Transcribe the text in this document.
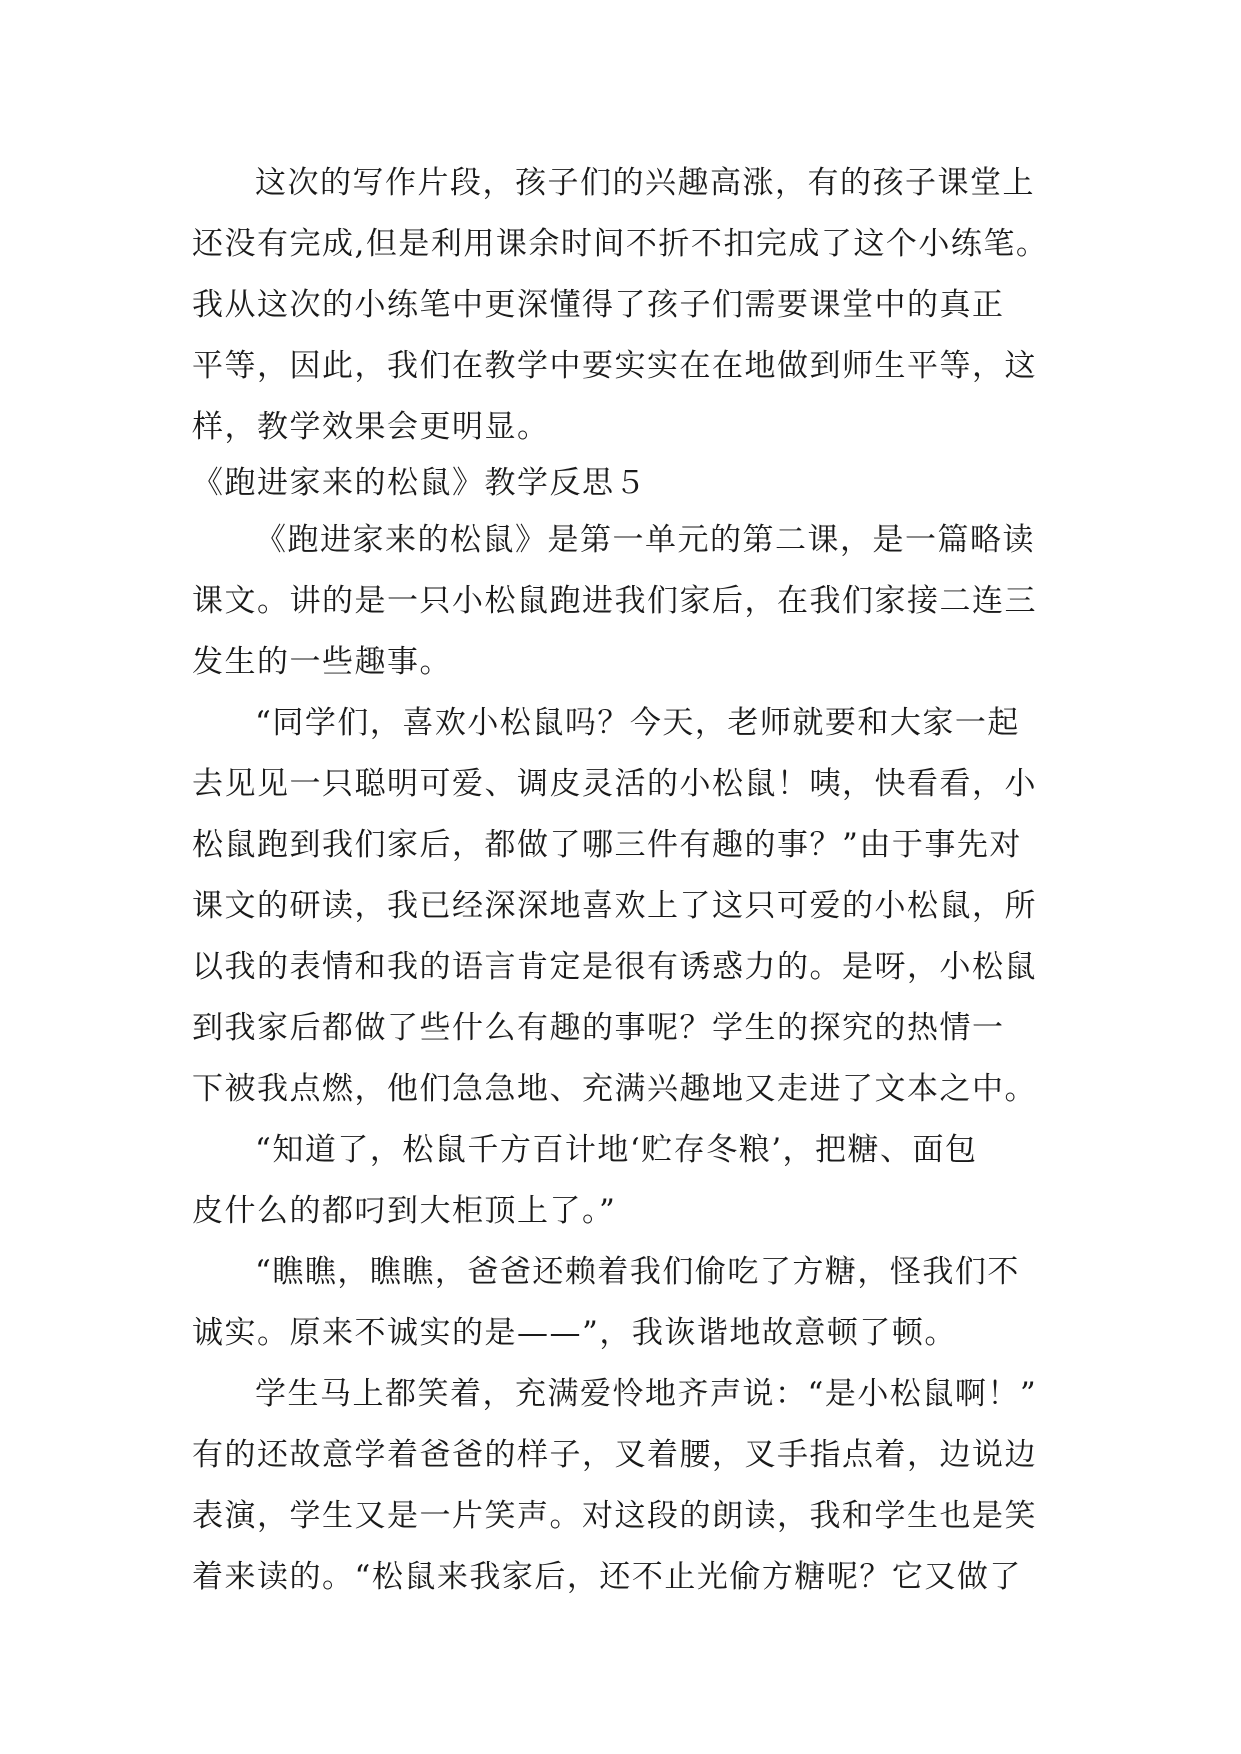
这次的写作片段，孩子们的兴趣高涨，有的孩子课堂上
还没有完成,但是利用课余时间不折不扣完成了这个小练笔。
我从这次的小练笔中更深懂得了孩子们需要课堂中的真正
平等，因此，我们在教学中要实实在在地做到师生平等，这
样，教学效果会更明显。
《跑进家来的松鼠》教学反思５
《跑进家来的松鼠》是第一单元的第二课，是一篇略读
课文。讲的是一只小松鼠跑进我们家后，在我们家接二连三
发生的一些趣事。
“同学们，喜欢小松鼠吗？今天，老师就要和大家一起
去见见一只聪明可爱、调皮灵活的小松鼠！咦，快看看，小
松鼠跑到我们家后，都做了哪三件有趣的事？”由于事先对
课文的研读，我已经深深地喜欢上了这只可爱的小松鼠，所
以我的表情和我的语言肯定是很有诱惑力的。是呀，小松鼠
到我家后都做了些什么有趣的事呢？学生的探究的热情一
下被我点燃，他们急急地、充满兴趣地又走进了文本之中。
“知道了，松鼠千方百计地‘贮存冬粮’，把糖、面包
皮什么的都叼到大柜顶上了。”
“瞧瞧，瞧瞧，爸爸还赖着我们偷吃了方糖，怪我们不
诚实。原来不诚实的是——”，我诙谐地故意顿了顿。
学生马上都笑着，充满爱怜地齐声说：“是小松鼠啊！”
有的还故意学着爸爸的样子，叉着腰，叉手指点着，边说边
表演，学生又是一片笑声。对这段的朗读，我和学生也是笑
着来读的。“松鼠来我家后，还不止光偷方糖呢？它又做了
